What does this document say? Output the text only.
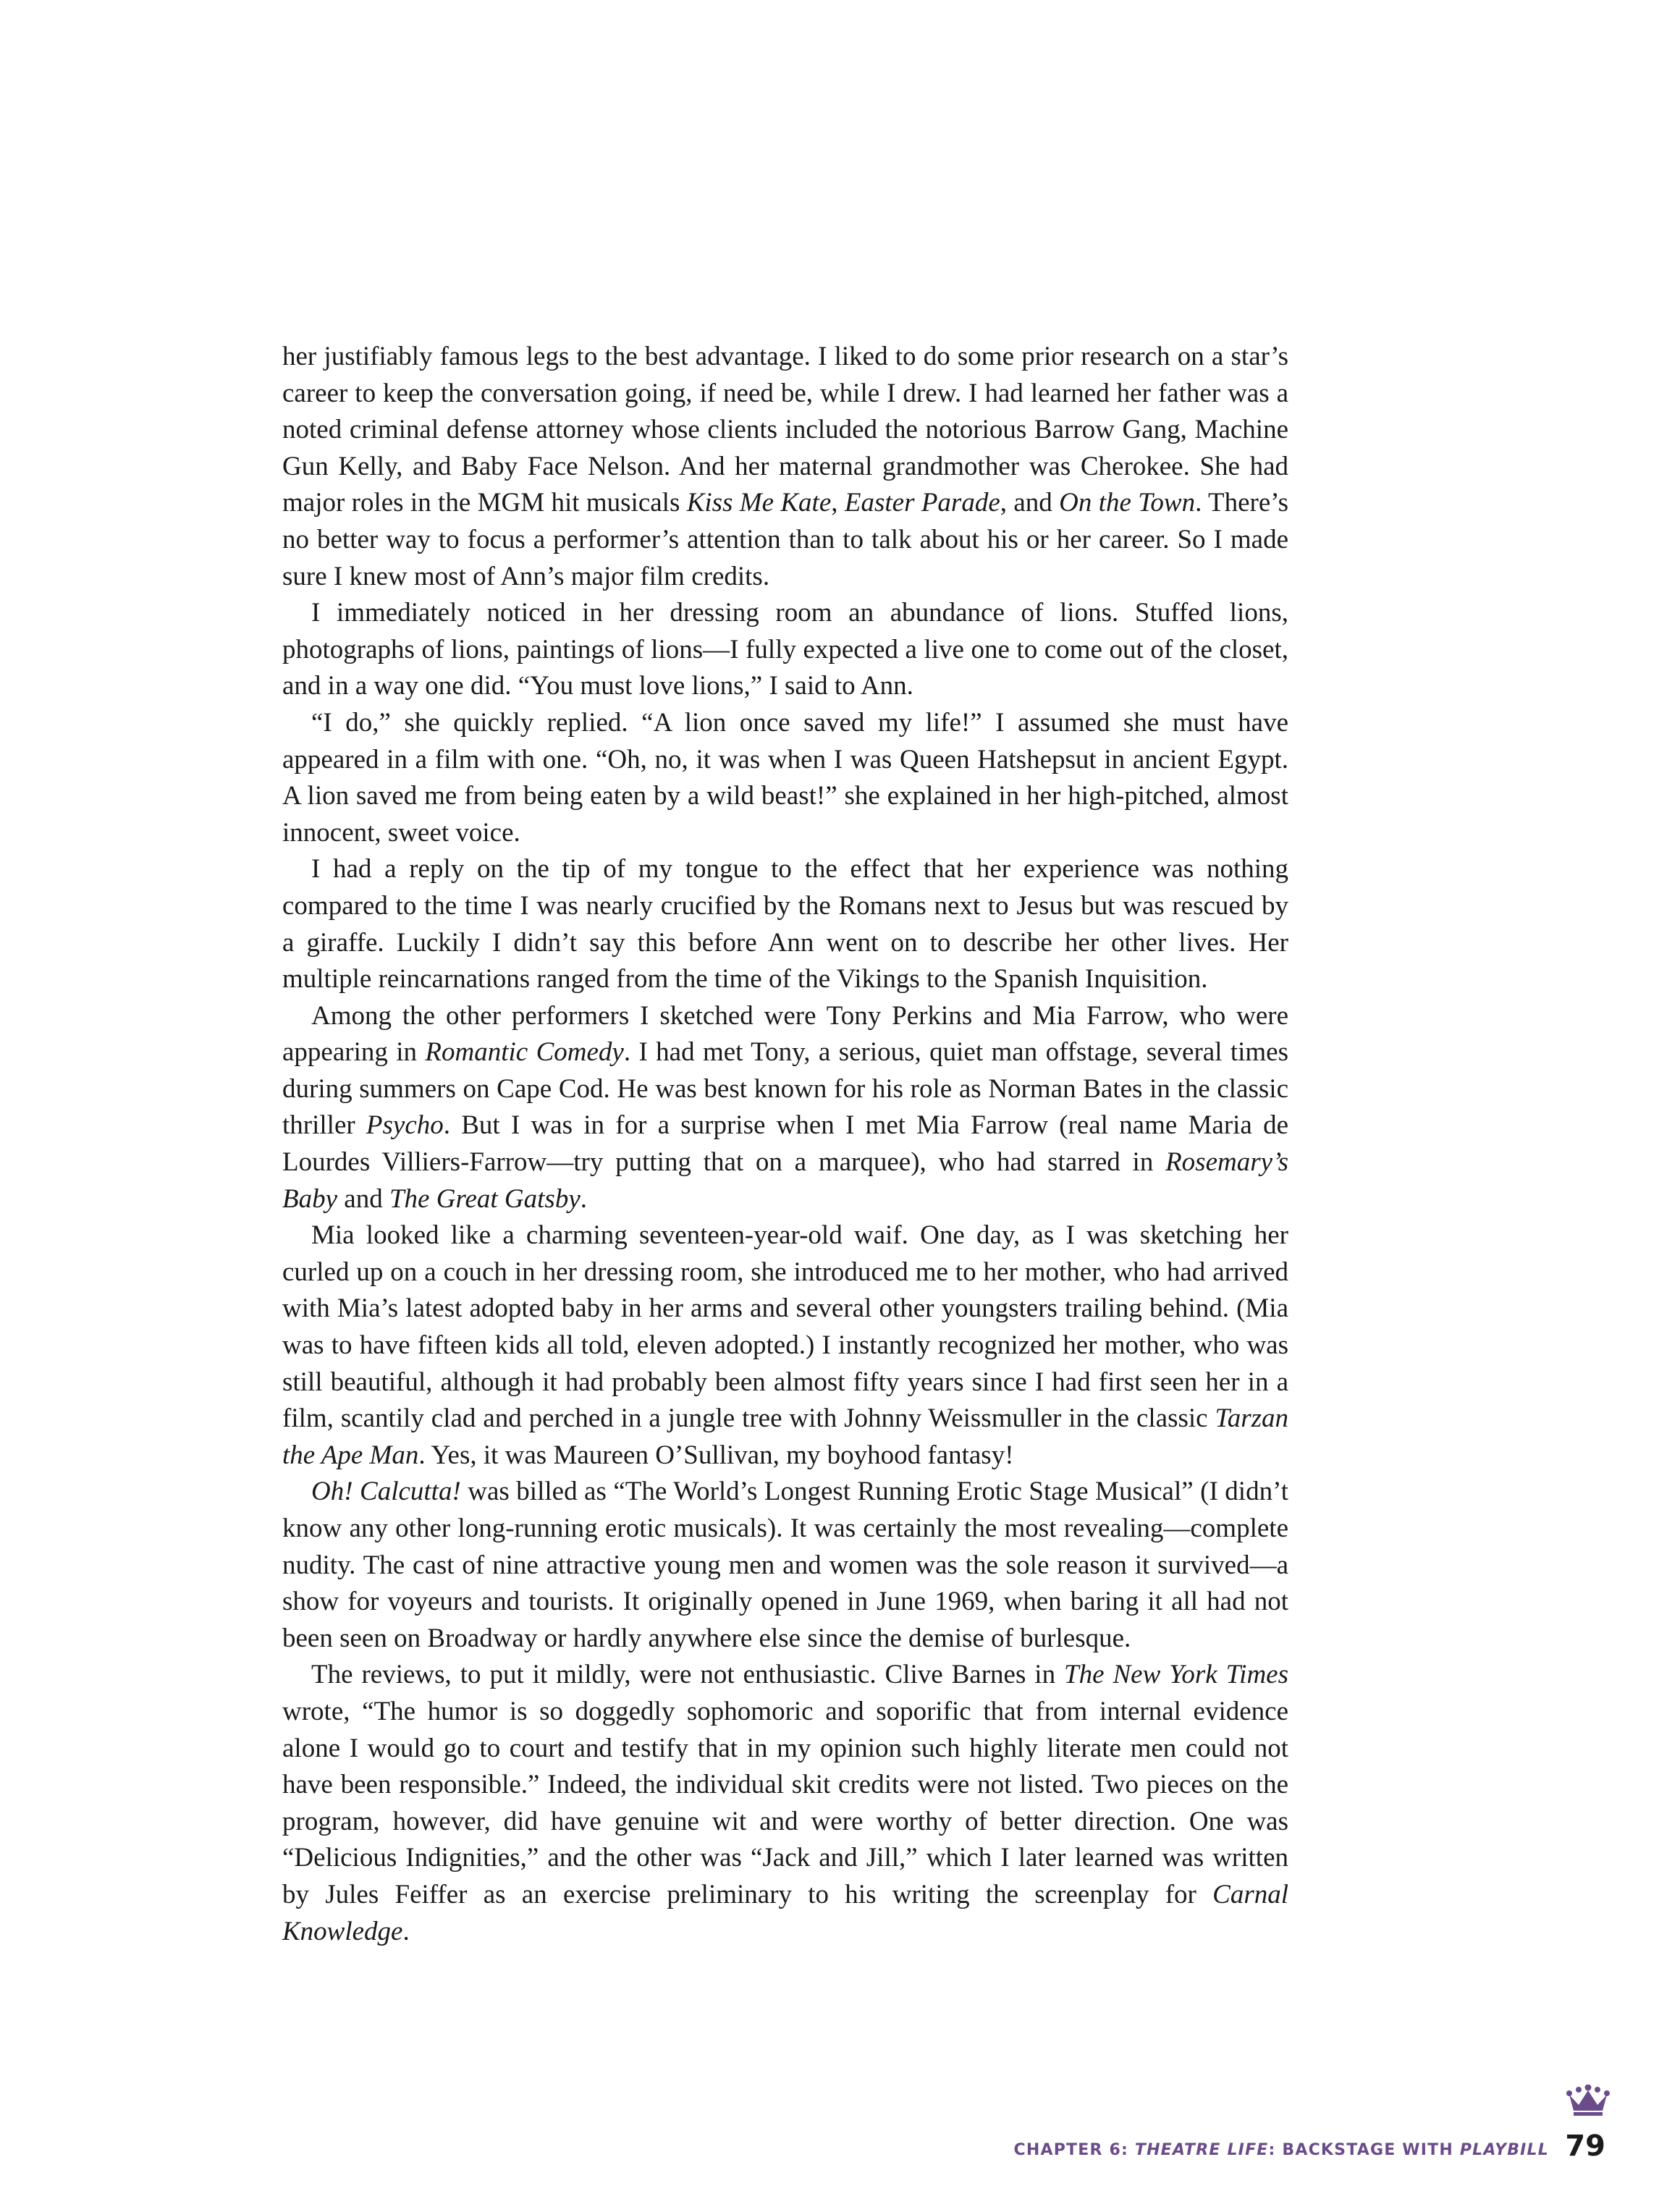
her justifiably famous legs to the best advantage. I liked to do some prior research on a star’s career to keep the conversation going, if need be, while I drew. I had learned her father was a noted criminal defense attorney whose clients included the notorious Barrow Gang, Machine Gun Kelly, and Baby Face Nelson. And her maternal grandmother was Cherokee. She had major roles in the MGM hit musicals Kiss Me Kate, Easter Parade, and On the Town. There’s no better way to focus a performer’s attention than to talk about his or her career. So I made sure I knew most of Ann’s major film credits.

I immediately noticed in her dressing room an abundance of lions. Stuffed lions, photographs of lions, paintings of lions—I fully expected a live one to come out of the closet, and in a way one did. “You must love lions,” I said to Ann.

“I do,” she quickly replied. “A lion once saved my life!” I assumed she must have appeared in a film with one. “Oh, no, it was when I was Queen Hatshepsut in ancient Egypt. A lion saved me from being eaten by a wild beast!” she explained in her high-pitched, almost innocent, sweet voice.

I had a reply on the tip of my tongue to the effect that her experience was nothing compared to the time I was nearly crucified by the Romans next to Jesus but was rescued by a giraffe. Luckily I didn’t say this before Ann went on to describe her other lives. Her multiple reincarnations ranged from the time of the Vikings to the Spanish Inquisition.

Among the other performers I sketched were Tony Perkins and Mia Farrow, who were appearing in Romantic Comedy. I had met Tony, a serious, quiet man offstage, several times during summers on Cape Cod. He was best known for his role as Norman Bates in the classic thriller Psycho. But I was in for a surprise when I met Mia Farrow (real name Maria de Lourdes Villiers-Farrow—try putting that on a marquee), who had starred in Rosemary’s Baby and The Great Gatsby.

Mia looked like a charming seventeen-year-old waif. One day, as I was sketching her curled up on a couch in her dressing room, she introduced me to her mother, who had arrived with Mia’s latest adopted baby in her arms and several other youngsters trailing behind. (Mia was to have fifteen kids all told, eleven adopted.) I instantly recognized her mother, who was still beautiful, although it had probably been almost fifty years since I had first seen her in a film, scantily clad and perched in a jungle tree with Johnny Weissmuller in the classic Tarzan the Ape Man. Yes, it was Maureen O’Sullivan, my boyhood fantasy!

Oh! Calcutta! was billed as “The World’s Longest Running Erotic Stage Musical” (I didn’t know any other long-running erotic musicals). It was certainly the most revealing—complete nudity. The cast of nine attractive young men and women was the sole reason it survived—a show for voyeurs and tourists. It originally opened in June 1969, when baring it all had not been seen on Broadway or hardly anywhere else since the demise of burlesque.

The reviews, to put it mildly, were not enthusiastic. Clive Barnes in The New York Times wrote, “The humor is so doggedly sophomoric and soporific that from internal evidence alone I would go to court and testify that in my opinion such highly literate men could not have been responsible.” Indeed, the individual skit credits were not listed. Two pieces on the program, however, did have genuine wit and were worthy of better direction. One was “Delicious Indignities,” and the other was “Jack and Jill,” which I later learned was written by Jules Feiffer as an exercise preliminary to his writing the screenplay for Carnal Knowledge.

CHAPTER 6: THEATRE LIFE: BACKSTAGE WITH PLAYBILL 79
